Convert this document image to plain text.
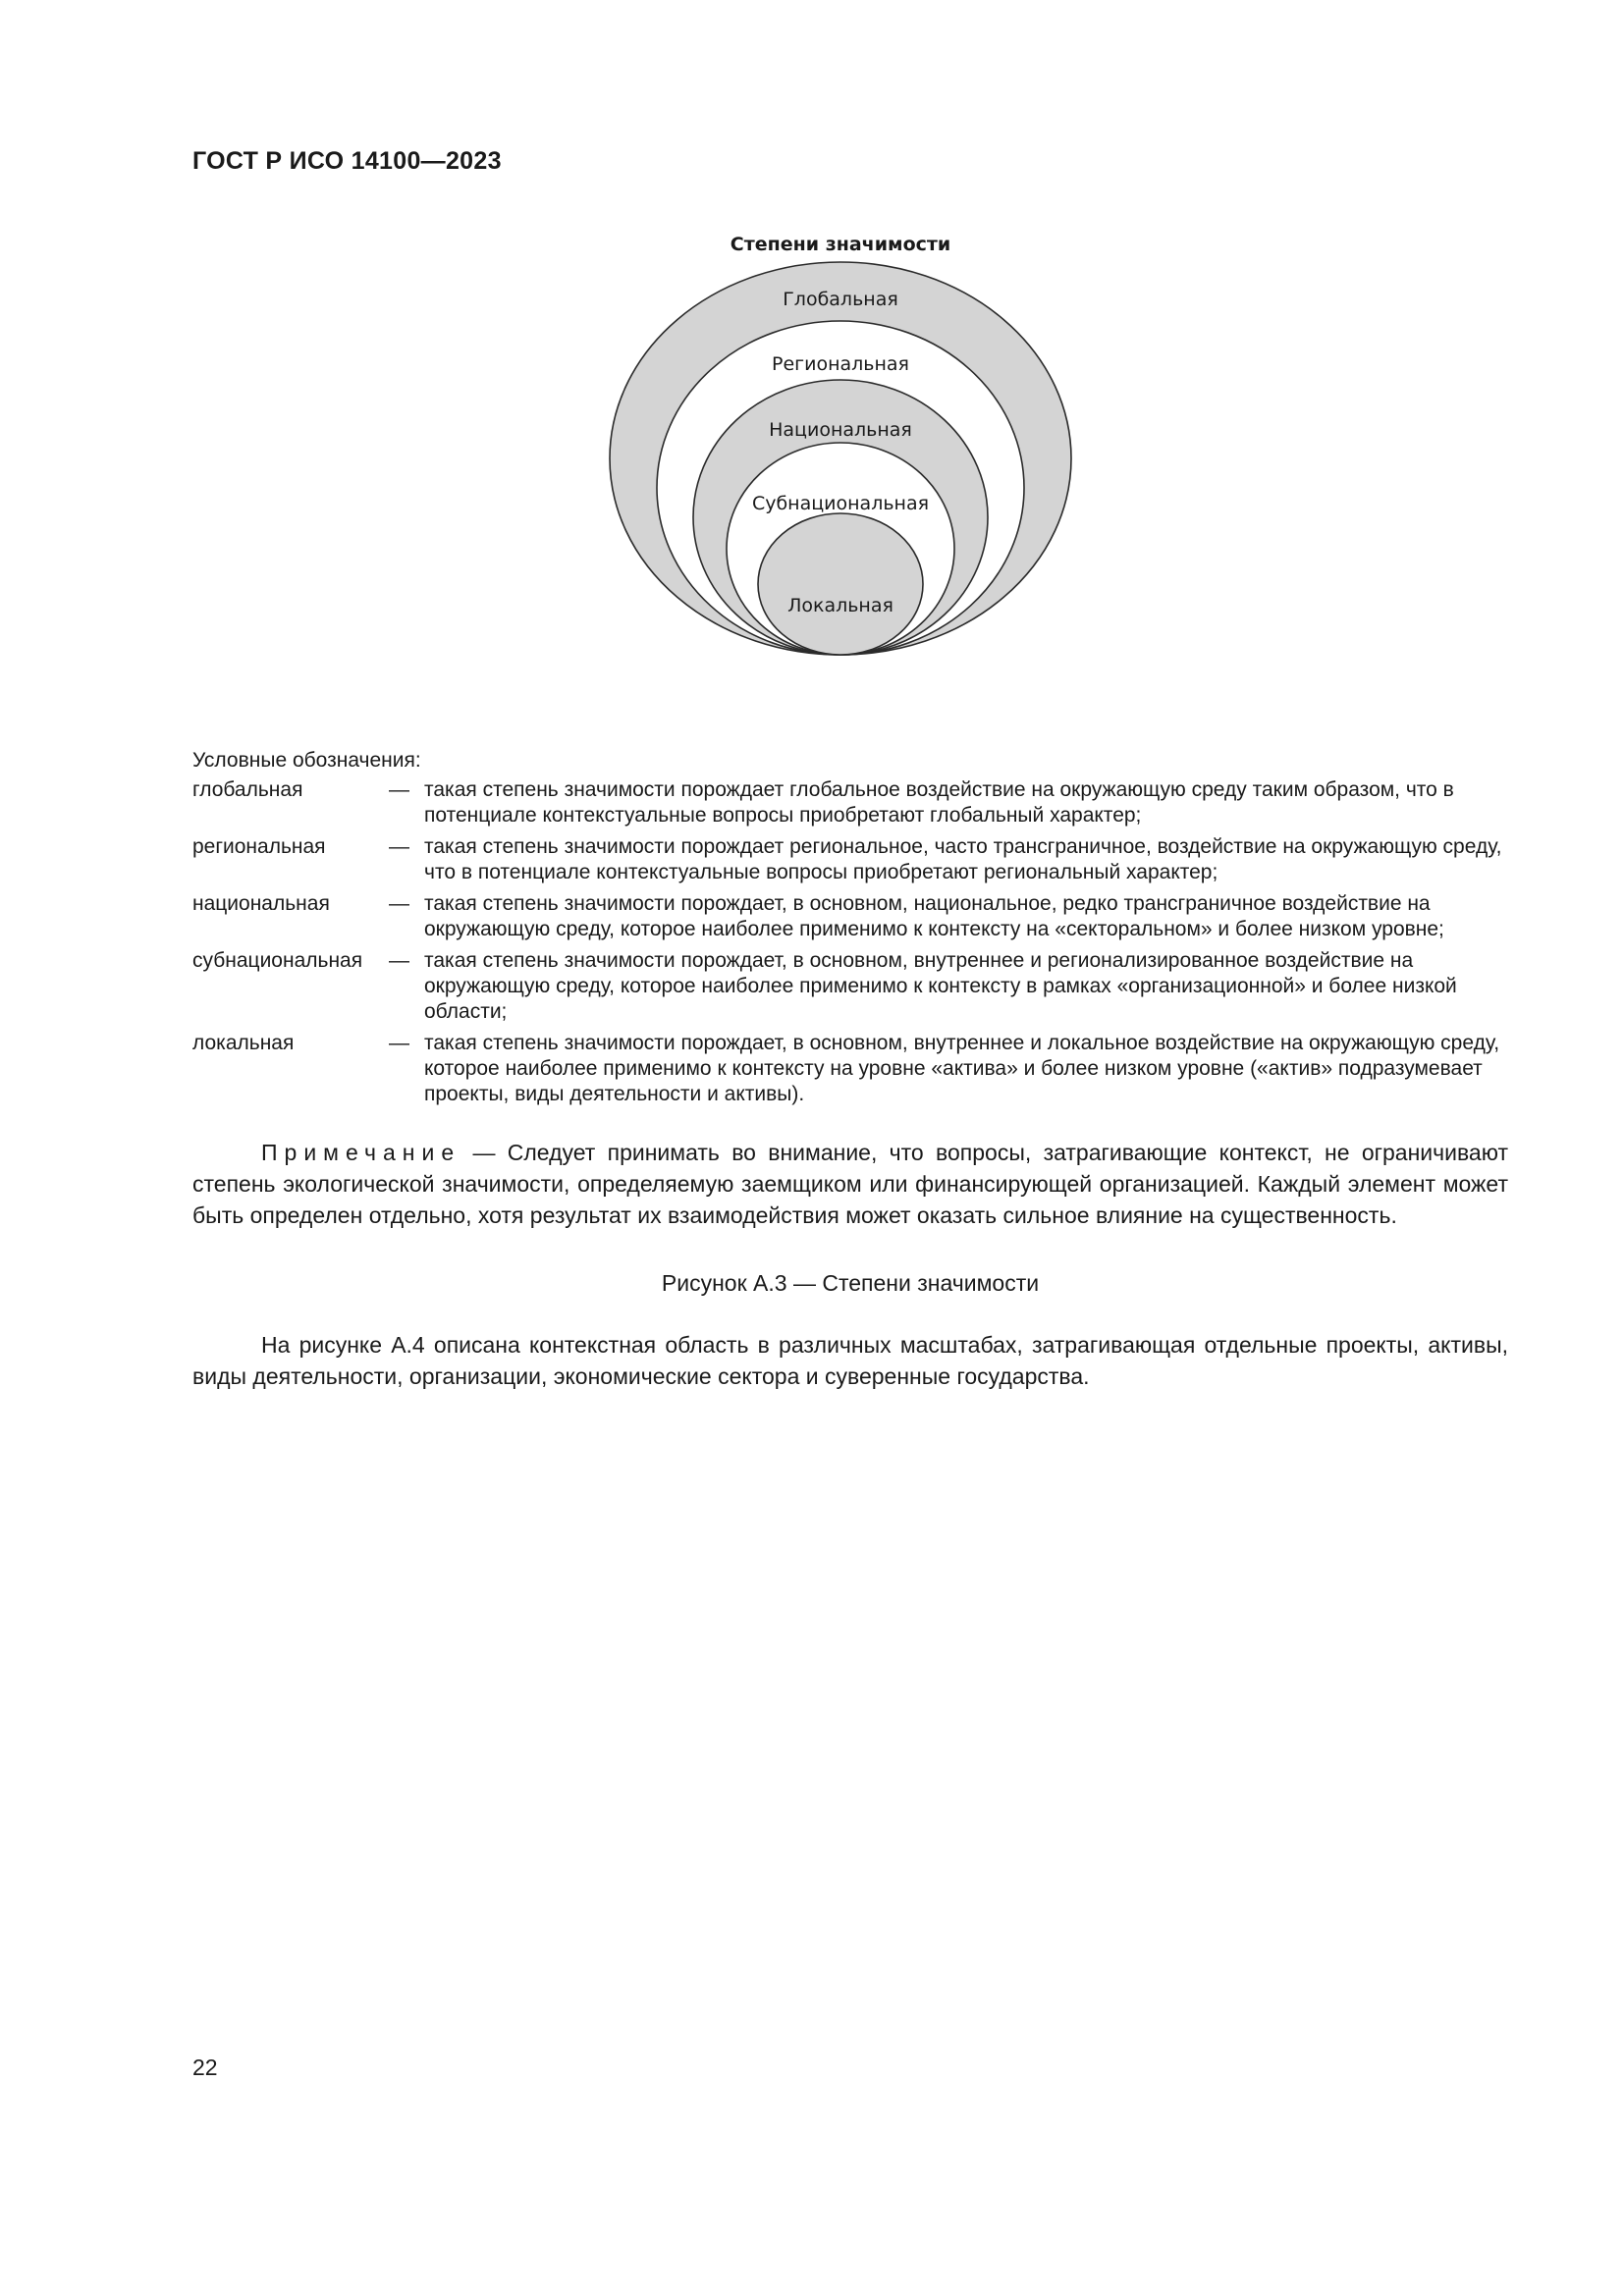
ГОСТ Р ИСО 14100—2023
Степени значимости
Глобальная
Региональная
Национальная
Субнациональная
Локальная
Условные обозначения:
глобальная	— такая степень значимости порождает глобальное воздействие на окружающую среду таким образом, что в потенциале контекстуальные вопросы приобретают глобальный характер;
региональная	— такая степень значимости порождает региональное, часто трансграничное, воздействие на окружающую среду, что в потенциале контекстуальные вопросы приобретают региональный характер;
национальная	— такая степень значимости порождает, в основном, национальное, редко трансграничное воздействие на окружающую среду, которое наиболее применимо к контексту на «секторальном» и более низком уровне;
субнациональная	— такая степень значимости порождает, в основном, внутреннее и регионализированное воздействие на окружающую среду, которое наиболее применимо к контексту в рамках «организационной» и более низкой области;
локальная	— такая степень значимости порождает, в основном, внутреннее и локальное воздействие на окружающую среду, которое наиболее применимо к контексту на уровне «актива» и более низком уровне («актив» подразумевает проекты, виды деятельности и активы).
Примечание — Следует принимать во внимание, что вопросы, затрагивающие контекст, не ограничивают степень экологической значимости, определяемую заемщиком или финансирующей организацией. Каждый элемент может быть определен отдельно, хотя результат их взаимодействия может оказать сильное влияние на существенность.
Рисунок А.3 — Степени значимости
На рисунке А.4 описана контекстная область в различных масштабах, затрагивающая отдельные проекты, активы, виды деятельности, организации, экономические сектора и суверенные государства.
22
